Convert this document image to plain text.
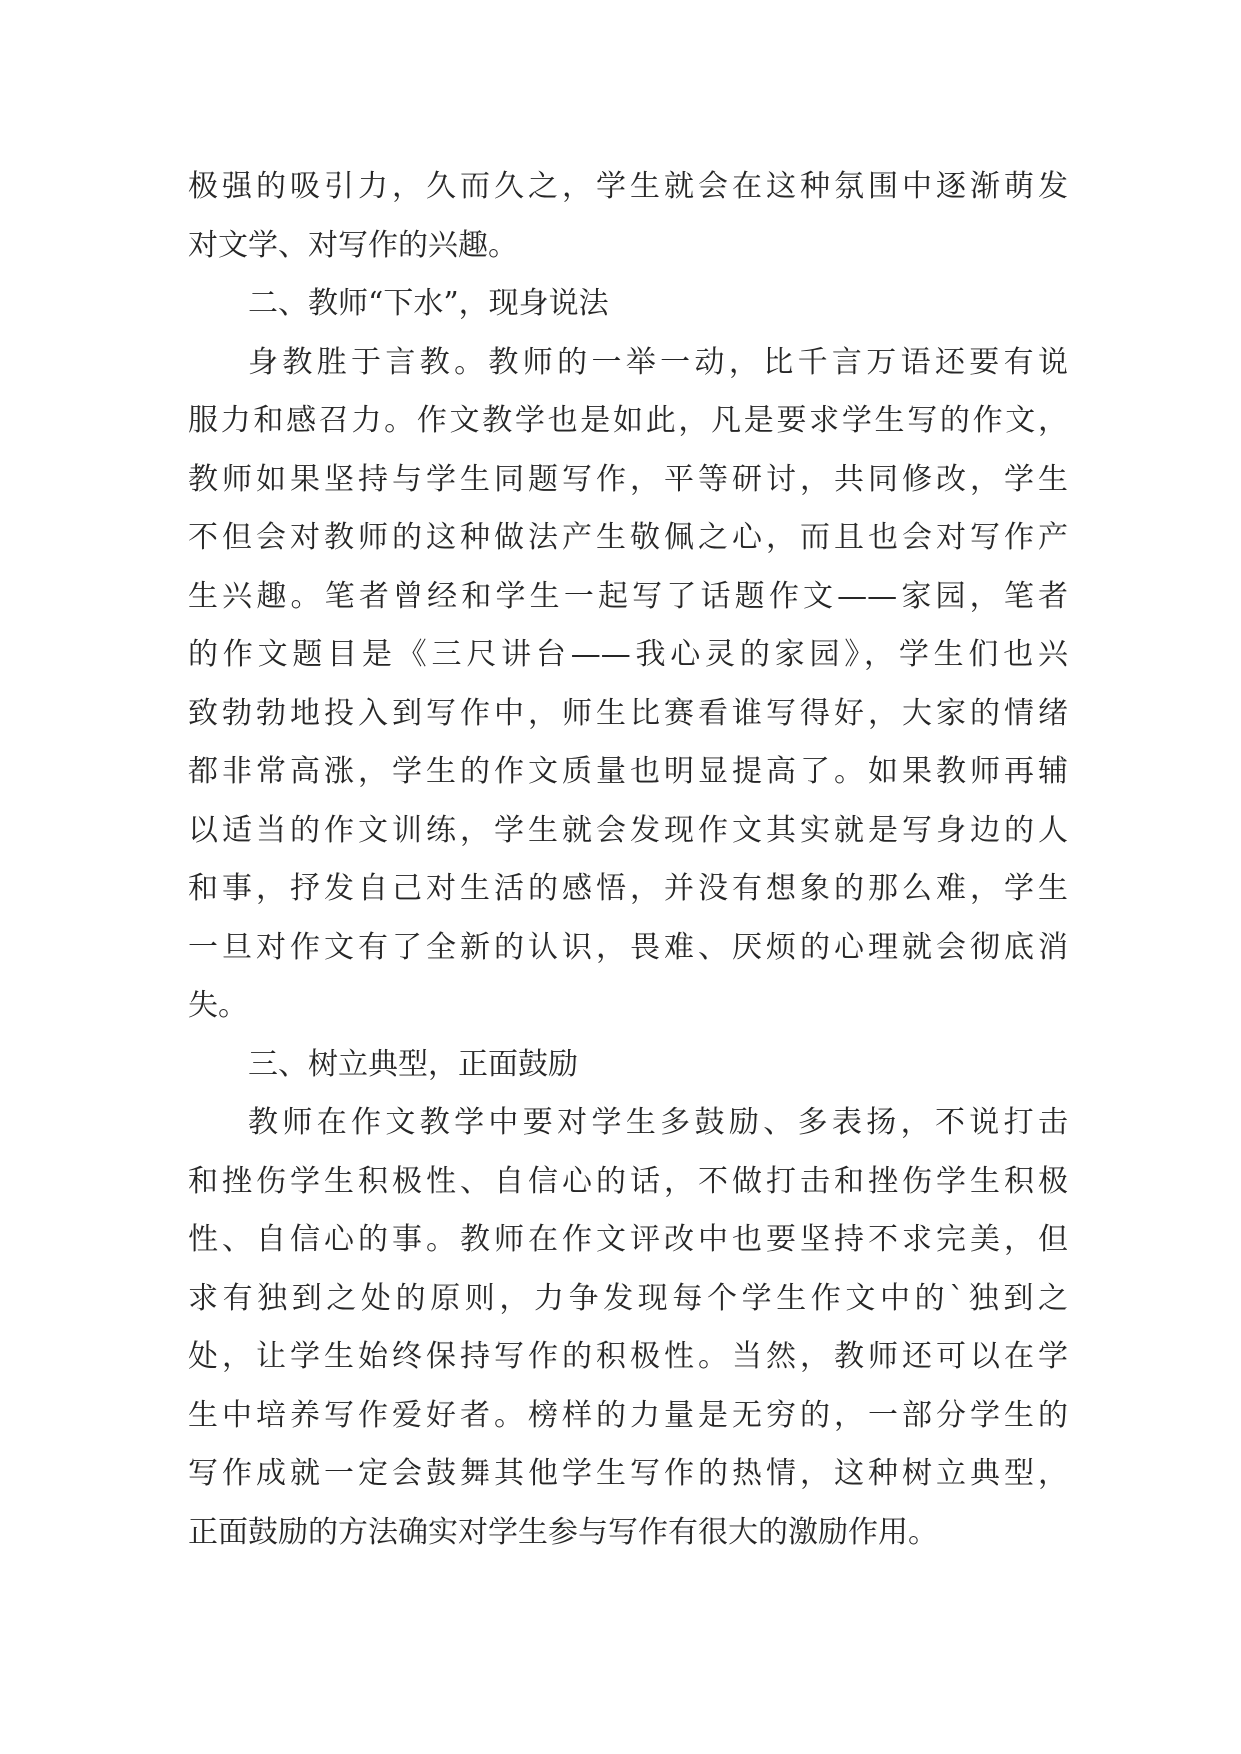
极强的吸引力，久而久之，学生就会在这种氛围中逐渐萌发
对文学、对写作的兴趣。
二、教师“下水”，现身说法
身教胜于言教。教师的一举一动，比千言万语还要有说
服力和感召力。作文教学也是如此，凡是要求学生写的作文，
教师如果坚持与学生同题写作，平等研讨，共同修改，学生
不但会对教师的这种做法产生敬佩之心，而且也会对写作产
生兴趣。笔者曾经和学生一起写了话题作文——家园，笔者
的作文题目是《三尺讲台——我心灵的家园》，学生们也兴
致勃勃地投入到写作中，师生比赛看谁写得好，大家的情绪
都非常高涨，学生的作文质量也明显提高了。如果教师再辅
以适当的作文训练，学生就会发现作文其实就是写身边的人
和事，抒发自己对生活的感悟，并没有想象的那么难，学生
一旦对作文有了全新的认识，畏难、厌烦的心理就会彻底消
失。
三、树立典型，正面鼓励
教师在作文教学中要对学生多鼓励、多表扬，不说打击
和挫伤学生积极性、自信心的话，不做打击和挫伤学生积极
性、自信心的事。教师在作文评改中也要坚持不求完美，但
求有独到之处的原则，力争发现每个学生作文中的`独到之
处，让学生始终保持写作的积极性。当然，教师还可以在学
生中培养写作爱好者。榜样的力量是无穷的，一部分学生的
写作成就一定会鼓舞其他学生写作的热情，这种树立典型，
正面鼓励的方法确实对学生参与写作有很大的激励作用。
